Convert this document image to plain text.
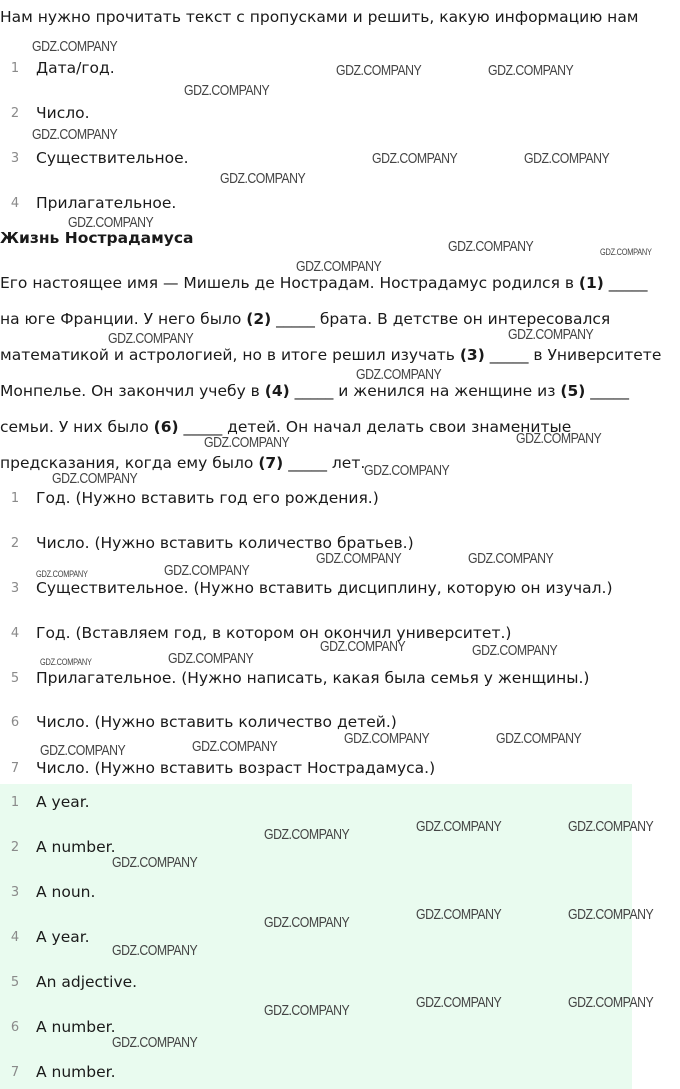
Нам нужно прочитать текст с пропусками и решить, какую информацию нам
1	Дата/год.
2	Число.
3	Существительное.
4	Прилагательное.
Жизнь Нострадамуса
Его настоящее имя — Мишель де Нострадам. Нострадамус родился в (1) _____
на юге Франции. У него было (2) _____ брата. В детстве он интересовался
математикой и астрологией, но в итоге решил изучать (3) _____ в Университете
Монпелье. Он закончил учебу в (4) _____ и женился на женщине из (5) _____
семьи. У них было (6) _____ детей. Он начал делать свои знаменитые
предсказания, когда ему было (7) _____ лет.
1	Год. (Нужно вставить год его рождения.)
2	Число. (Нужно вставить количество братьев.)
3	Существительное. (Нужно вставить дисциплину, которую он изучал.)
4	Год. (Вставляем год, в котором он окончил университет.)
5	Прилагательное. (Нужно написать, какая была семья у женщины.)
6	Число. (Нужно вставить количество детей.)
7	Число. (Нужно вставить возраст Нострадамуса.)
1	A year.
2	A number.
3	A noun.
4	A year.
5	An adjective.
6	A number.
7	A number.
GDZ.COMPANY
GDZ.COMPANY	GDZ.COMPANY
GDZ.COMPANY
GDZ.COMPANY
GDZ.COMPANY	GDZ.COMPANY
GDZ.COMPANY
GDZ.COMPANY
GDZ.COMPANY	GDZ.COMPANY
GDZ.COMPANY
GDZ.COMPANY
GDZ.COMPANY
GDZ.COMPANY
GDZ.COMPANY
GDZ.COMPANY
GDZ.COMPANY
GDZ.COMPANY
GDZ.COMPANY	GDZ.COMPANY
GDZ.COMPANY
GDZ.COMPANY
GDZ.COMPANY	GDZ.COMPANY
GDZ.COMPANY
GDZ.COMPANY
GDZ.COMPANY	GDZ.COMPANY
GDZ.COMPANY
GDZ.COMPANY
GDZ.COMPANY	GDZ.COMPANY
GDZ.COMPANY
GDZ.COMPANY
GDZ.COMPANY	GDZ.COMPANY
GDZ.COMPANY
GDZ.COMPANY
GDZ.COMPANY	GDZ.COMPANY
GDZ.COMPANY
GDZ.COMPANY
